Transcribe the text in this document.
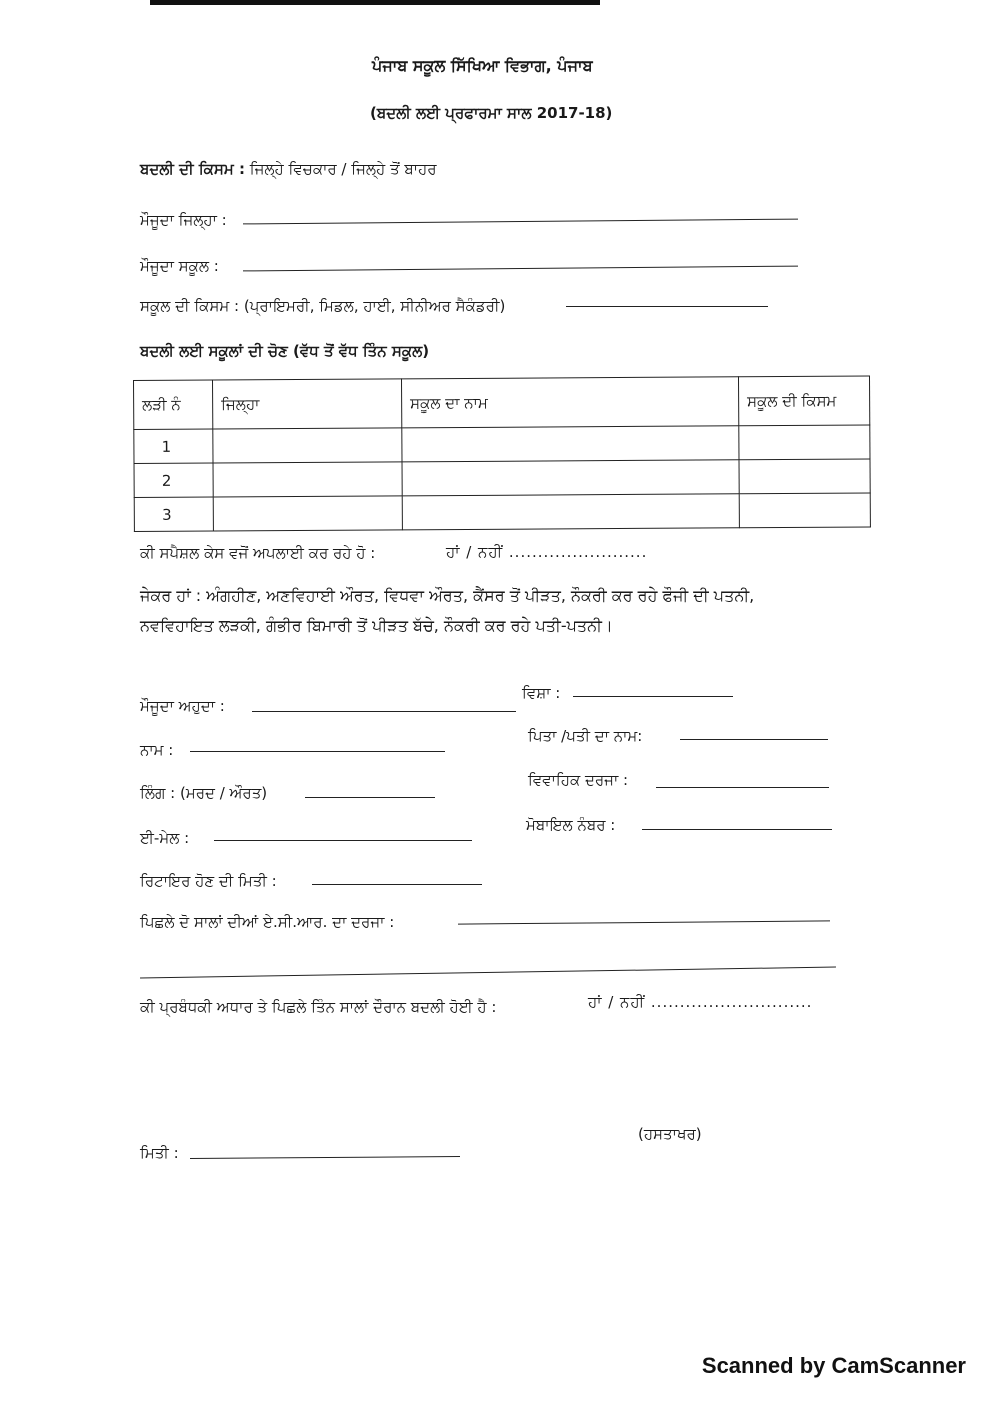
ਪੰਜਾਬ ਸਕੂਲ ਸਿੱਖਿਆ ਵਿਭਾਗ, ਪੰਜਾਬ
(ਬਦਲੀ ਲਈ ਪ੍ਰਫਾਰਮਾ ਸਾਲ 2017-18)
ਬਦਲੀ ਦੀ ਕਿਸਮ : ਜਿਲ੍ਹੇ ਵਿਚਕਾਰ / ਜਿਲ੍ਹੇ ਤੋਂ ਬਾਹਰ
ਮੌਜੂਦਾ ਜਿਲ੍ਹਾ :
ਮੌਜੂਦਾ ਸਕੂਲ :
ਸਕੂਲ ਦੀ ਕਿਸਮ : (ਪ੍ਰਾਇਮਰੀ, ਮਿਡਲ, ਹਾਈ, ਸੀਨੀਅਰ ਸੈਕੰਡਰੀ)
ਬਦਲੀ ਲਈ ਸਕੂਲਾਂ ਦੀ ਚੋਣ (ਵੱਧ ਤੋਂ ਵੱਧ ਤਿੰਨ ਸਕੂਲ)
ਲੜੀ ਨੰ	ਜਿਲ੍ਹਾ	ਸਕੂਲ ਦਾ ਨਾਮ	ਸਕੂਲ ਦੀ ਕਿਸਮ
1			
2			
3			
ਕੀ ਸਪੈਸ਼ਲ ਕੇਸ ਵਜੋਂ ਅਪਲਾਈ ਕਰ ਰਹੇ ਹੋ :	ਹਾਂ / ਨਹੀਂ ........................
ਜੇਕਰ ਹਾਂ : ਅੰਗਹੀਣ, ਅਣਵਿਹਾਈ ਔਰਤ, ਵਿਧਵਾ ਔਰਤ, ਕੈਂਸਰ ਤੋਂ ਪੀੜਤ, ਨੌਕਰੀ ਕਰ ਰਹੇ ਫੌਜੀ ਦੀ ਪਤਨੀ,
ਨਵਵਿਹਾਇਤ ਲੜਕੀ, ਗੰਭੀਰ ਬਿਮਾਰੀ ਤੋਂ ਪੀੜਤ ਬੱਚੇ, ਨੌਕਰੀ ਕਰ ਰਹੇ ਪਤੀ-ਪਤਨੀ।
ਮੌਜੂਦਾ ਅਹੁਦਾ :
ਵਿਸ਼ਾ :
ਨਾਮ :
ਪਿਤਾ /ਪਤੀ ਦਾ ਨਾਮ:
ਲਿੰਗ : (ਮਰਦ / ਔਰਤ)
ਵਿਵਾਹਿਕ ਦਰਜਾ :
ਈ-ਮੇਲ :
ਮੋਬਾਇਲ ਨੰਬਰ :
ਰਿਟਾਇਰ ਹੋਣ ਦੀ ਮਿਤੀ :
ਪਿਛਲੇ ਦੋ ਸਾਲਾਂ ਦੀਆਂ ਏ.ਸੀ.ਆਰ. ਦਾ ਦਰਜਾ :
ਕੀ ਪ੍ਰਬੰਧਕੀ ਅਧਾਰ ਤੇ ਪਿਛਲੇ ਤਿੰਨ ਸਾਲਾਂ ਦੌਰਾਨ ਬਦਲੀ ਹੋਈ ਹੈ :	ਹਾਂ / ਨਹੀਂ ............................
(ਹਸਤਾਖਰ)
ਮਿਤੀ :
Scanned by CamScanner
